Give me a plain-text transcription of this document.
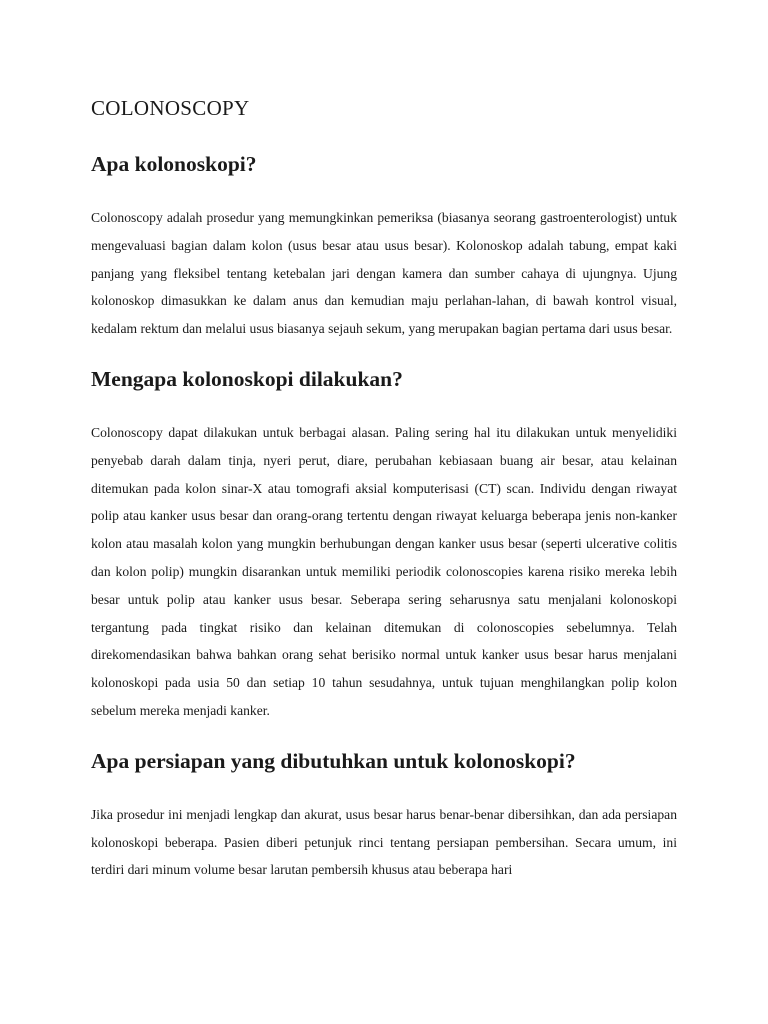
COLONOSCOPY
Apa kolonoskopi?

Colonoscopy adalah prosedur yang memungkinkan pemeriksa (biasanya seorang gastroenterologist) untuk mengevaluasi bagian dalam kolon (usus besar atau usus besar). Kolonoskop adalah tabung, empat kaki panjang yang fleksibel tentang ketebalan jari dengan kamera dan sumber cahaya di ujungnya. Ujung kolonoskop dimasukkan ke dalam anus dan kemudian maju perlahan-lahan, di bawah kontrol visual, kedalam rektum dan melalui usus biasanya sejauh sekum, yang merupakan bagian pertama dari usus besar.

Mengapa kolonoskopi dilakukan?

Colonoscopy dapat dilakukan untuk berbagai alasan. Paling sering hal itu dilakukan untuk menyelidiki penyebab darah dalam tinja, nyeri perut, diare, perubahan kebiasaan buang air besar, atau kelainan ditemukan pada kolon sinar-X atau tomografi aksial komputerisasi (CT) scan. Individu dengan riwayat polip atau kanker usus besar dan orang-orang tertentu dengan riwayat keluarga beberapa jenis non-kanker kolon atau masalah kolon yang mungkin berhubungan dengan kanker usus besar (seperti ulcerative colitis dan kolon polip) mungkin disarankan untuk memiliki periodik colonoscopies karena risiko mereka lebih besar untuk polip atau kanker usus besar. Seberapa sering seharusnya satu menjalani kolonoskopi tergantung pada tingkat risiko dan kelainan ditemukan di colonoscopies sebelumnya. Telah direkomendasikan bahwa bahkan orang sehat berisiko normal untuk kanker usus besar harus menjalani kolonoskopi pada usia 50 dan setiap 10 tahun sesudahnya, untuk tujuan menghilangkan polip kolon sebelum mereka menjadi kanker.

Apa persiapan yang dibutuhkan untuk kolonoskopi?

Jika prosedur ini menjadi lengkap dan akurat, usus besar harus benar-benar dibersihkan, dan ada persiapan kolonoskopi beberapa. Pasien diberi petunjuk rinci tentang persiapan pembersihan. Secara umum, ini terdiri dari minum volume besar larutan pembersih khusus atau beberapa hari
